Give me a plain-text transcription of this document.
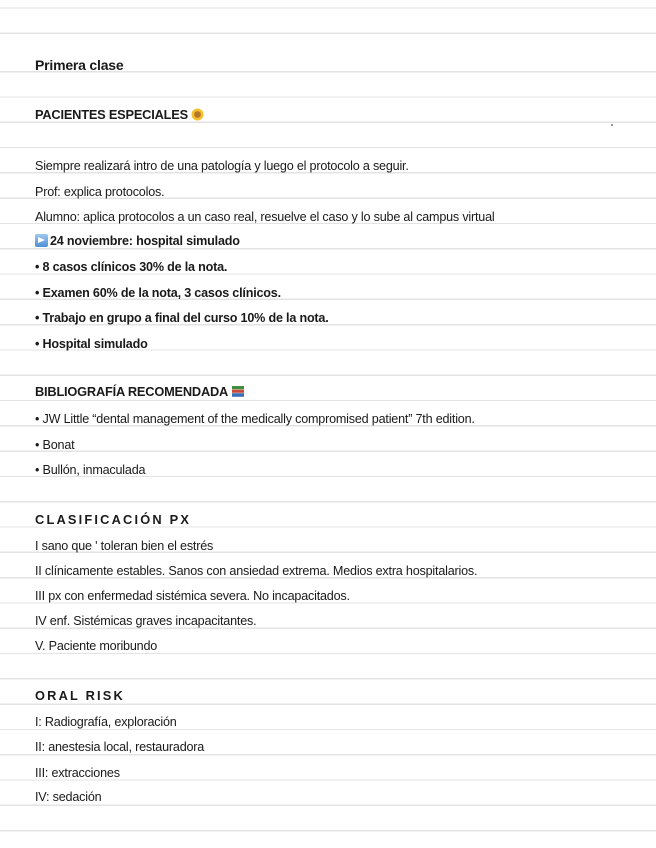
Primera clase
PACIENTES ESPECIALES
Siempre realizará intro de una patología y luego el protocolo a seguir.
Prof: explica protocolos.
Alumno: aplica protocolos a un caso real, resuelve el caso y lo sube al campus virtual
24 noviembre: hospital simulado
• 8 casos clínicos 30% de la nota.
• Examen 60% de la nota, 3 casos clínicos.
• Trabajo en grupo a final del curso 10% de la nota.
• Hospital simulado
BIBLIOGRAFÍA RECOMENDADA
• JW Little “dental management of the medically compromised patient” 7th edition.
• Bonat
• Bullón, inmaculada
CLASIFICACIÓN PX
I sano que ' toleran bien el estrés
II clínicamente estables. Sanos con ansiedad extrema. Medios extra hospitalarios.
III px con enfermedad sistémica severa. No incapacitados.
IV enf. Sistémicas graves incapacitantes.
V. Paciente moribundo
ORAL RISK
I: Radiografía, exploración
II: anestesia local, restauradora
III: extracciones
IV: sedación
